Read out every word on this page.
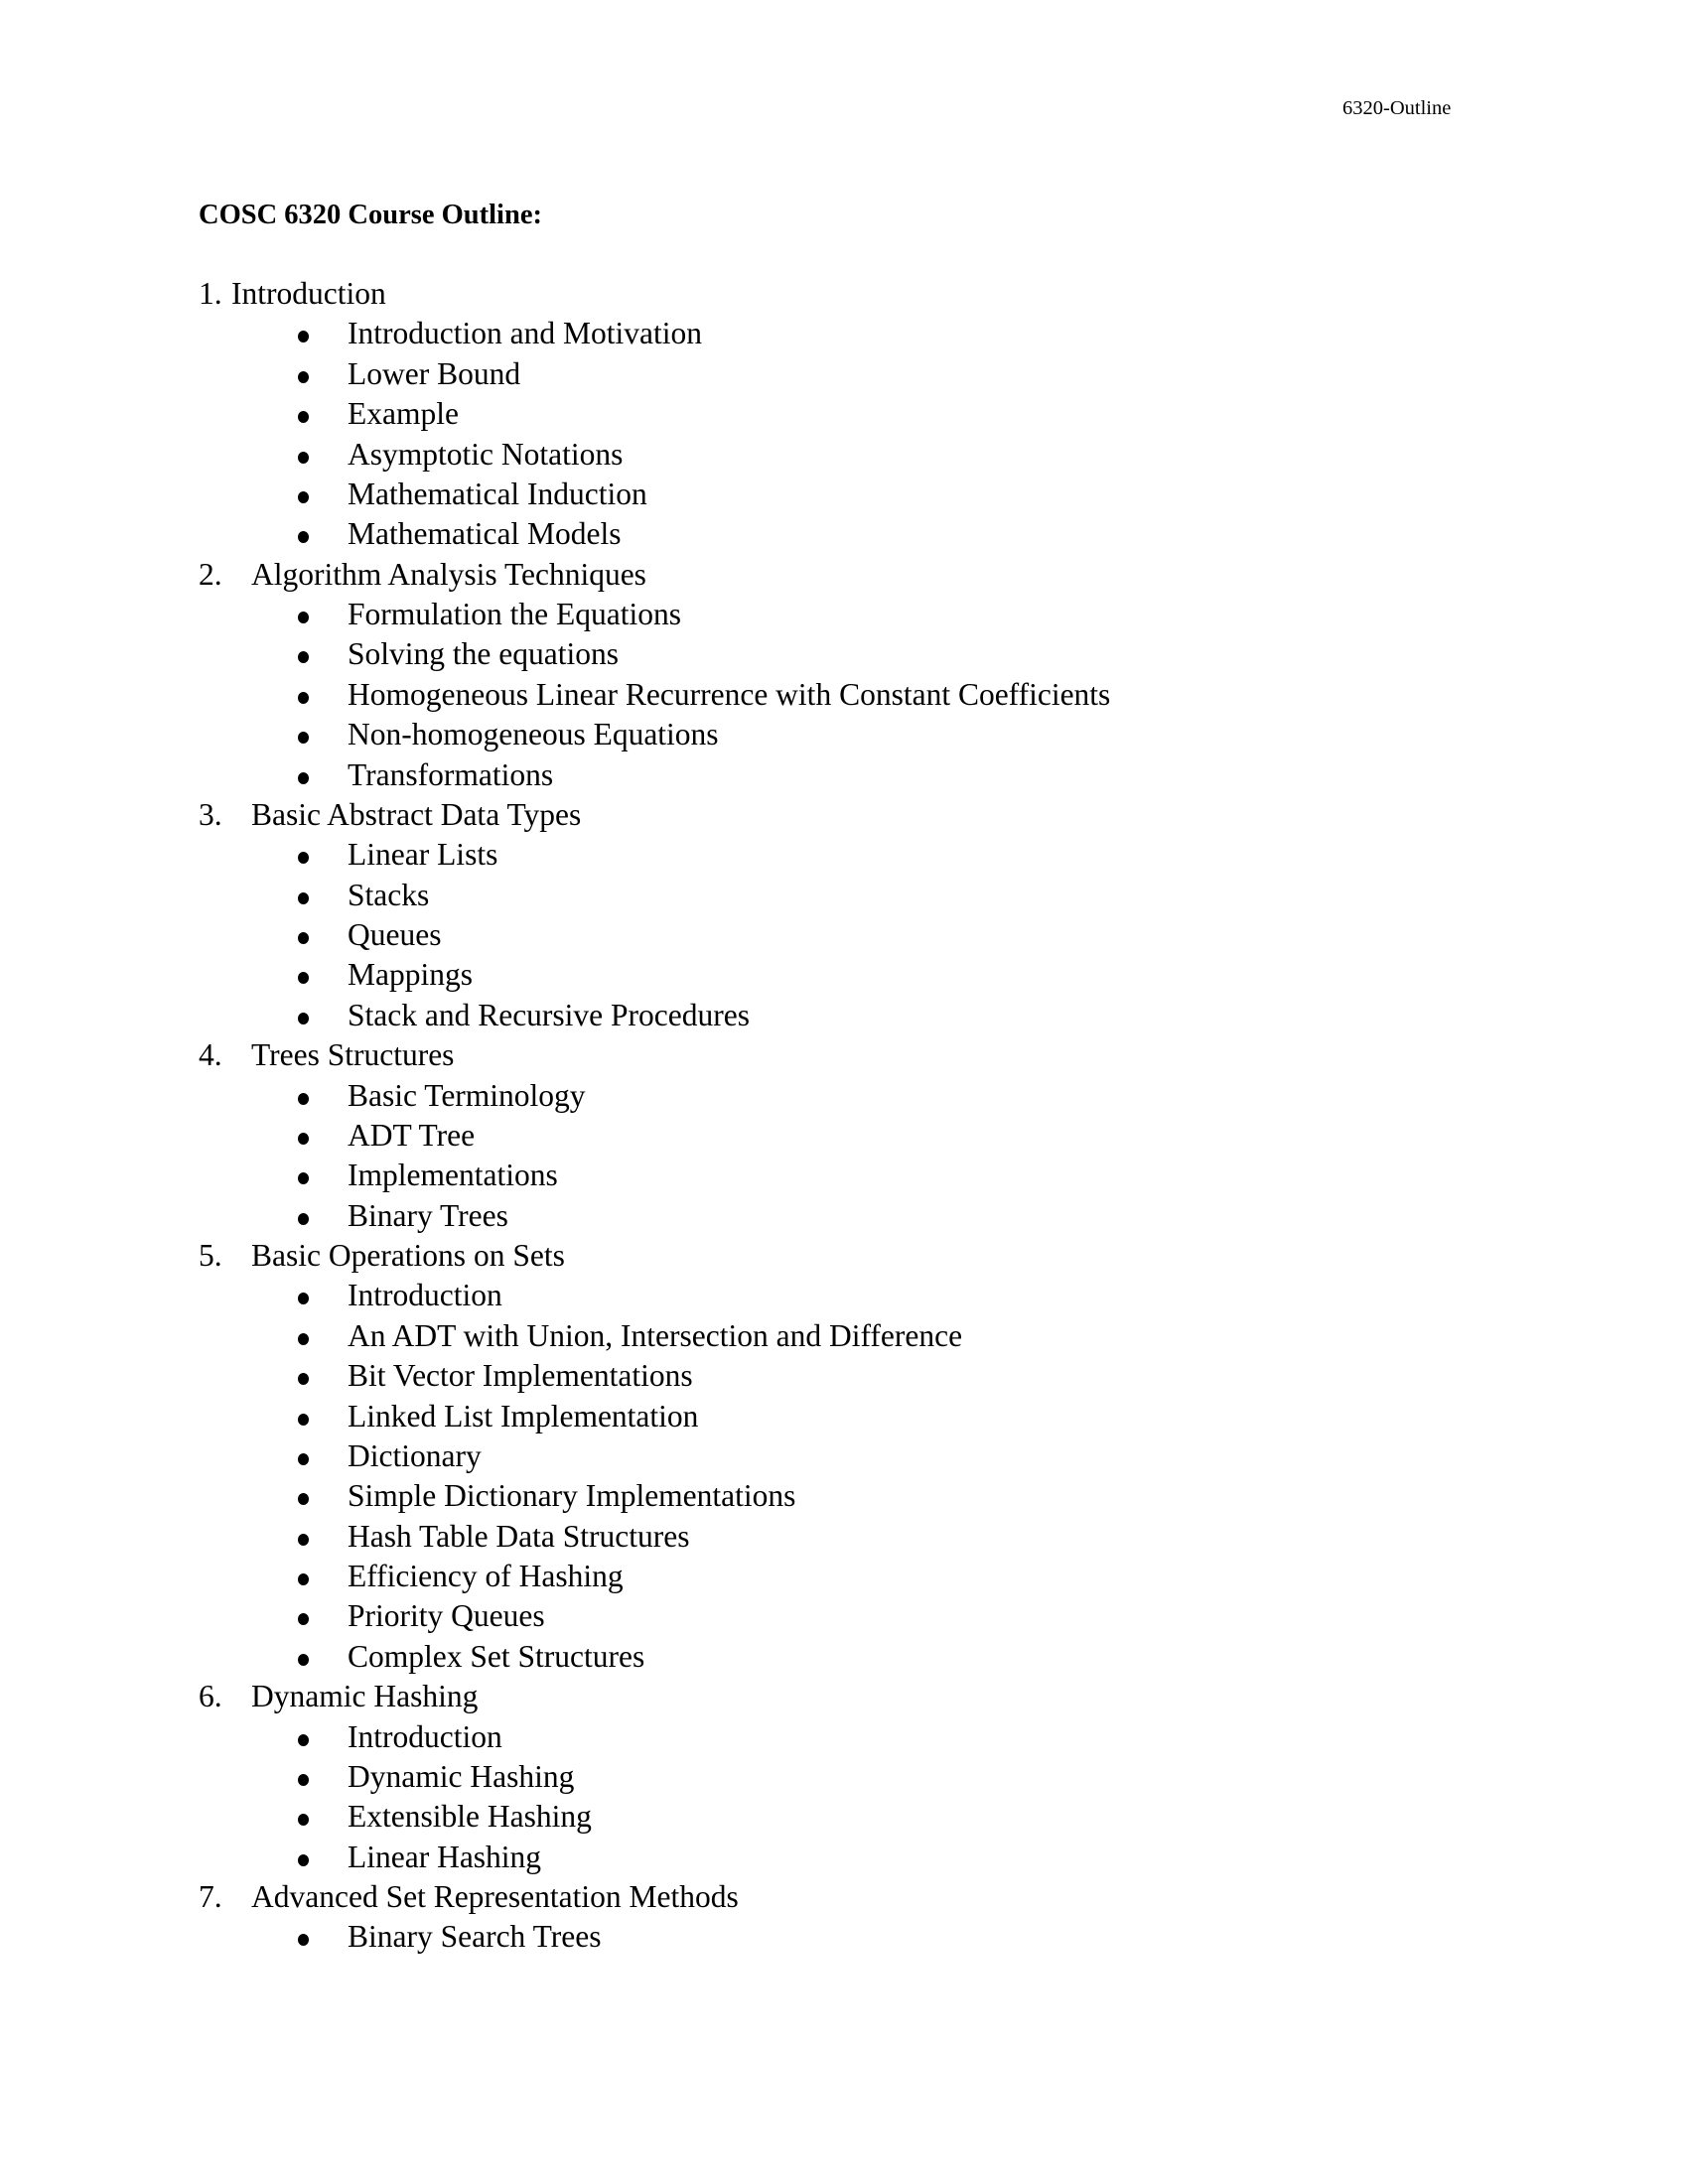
6320-Outline
COSC 6320 Course Outline:
1. Introduction
Introduction and Motivation
Lower Bound
Example
Asymptotic Notations
Mathematical Induction
Mathematical Models
2. Algorithm Analysis Techniques
Formulation the Equations
Solving the equations
Homogeneous Linear Recurrence with Constant Coefficients
Non-homogeneous Equations
Transformations
3. Basic Abstract Data Types
Linear Lists
Stacks
Queues
Mappings
Stack and Recursive Procedures
4. Trees Structures
Basic Terminology
ADT Tree
Implementations
Binary Trees
5. Basic Operations on Sets
Introduction
An ADT with Union, Intersection and Difference
Bit Vector Implementations
Linked List Implementation
Dictionary
Simple Dictionary Implementations
Hash Table Data Structures
Efficiency of Hashing
Priority Queues
Complex Set Structures
6. Dynamic Hashing
Introduction
Dynamic Hashing
Extensible Hashing
Linear Hashing
7. Advanced Set Representation Methods
Binary Search Trees
